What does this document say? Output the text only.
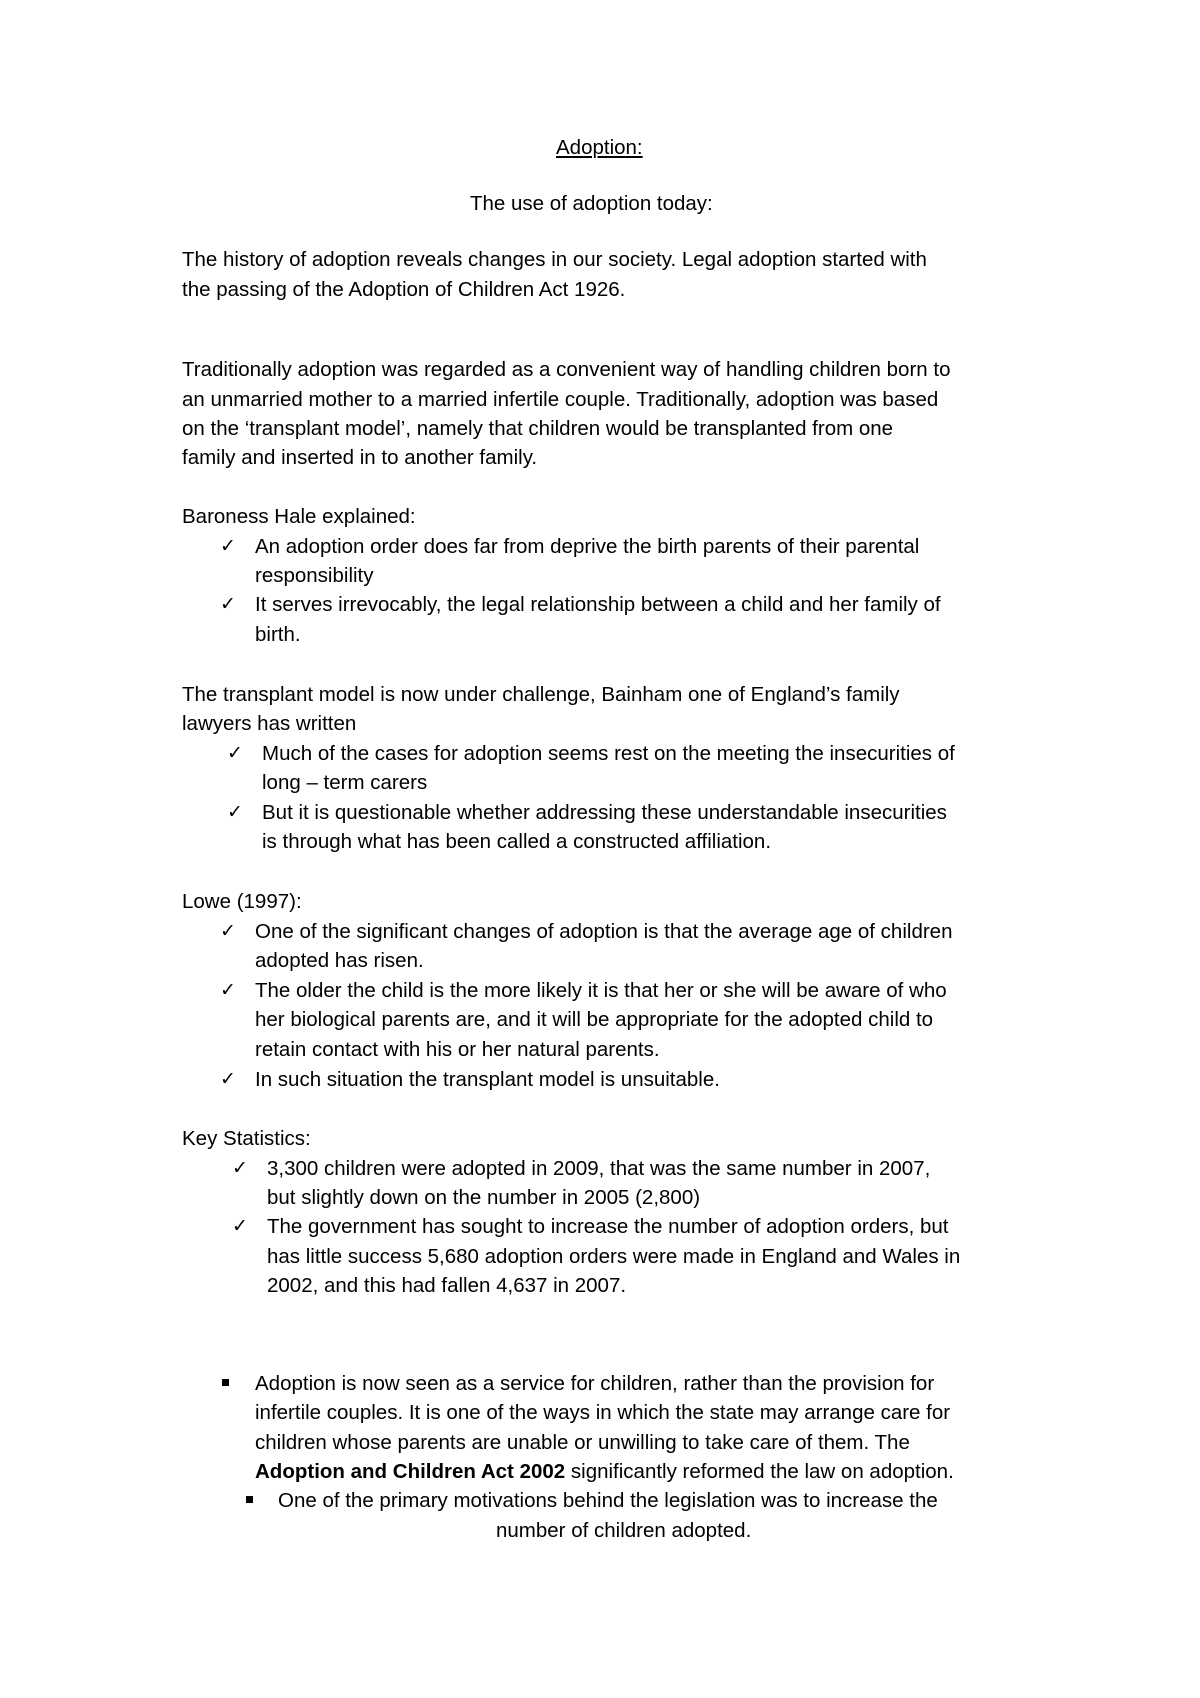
Adoption:
The use of adoption today:
The history of adoption reveals changes in our society. Legal adoption started with
the passing of the Adoption of Children Act 1926.
Traditionally adoption was regarded as a convenient way of handling children born to
an unmarried mother to a married infertile couple. Traditionally, adoption was based
on the ‘transplant model’, namely that children would be transplanted from one
family and inserted in to another family.
Baroness Hale explained:
✓ An adoption order does far from deprive the birth parents of their parental
responsibility
✓ It serves irrevocably, the legal relationship between a child and her family of
birth.
The transplant model is now under challenge, Bainham one of England’s family
lawyers has written
✓ Much of the cases for adoption seems rest on the meeting the insecurities of
long – term carers
✓ But it is questionable whether addressing these understandable insecurities
is through what has been called a constructed affiliation.
Lowe (1997):
✓ One of the significant changes of adoption is that the average age of children
adopted has risen.
✓ The older the child is the more likely it is that her or she will be aware of who
her biological parents are, and it will be appropriate for the adopted child to
retain contact with his or her natural parents.
✓ In such situation the transplant model is unsuitable.
Key Statistics:
✓ 3,300 children were adopted in 2009, that was the same number in 2007,
but slightly down on the number in 2005 (2,800)
✓ The government has sought to increase the number of adoption orders, but
has little success 5,680 adoption orders were made in England and Wales in
2002, and this had fallen 4,637 in 2007.
Adoption is now seen as a service for children, rather than the provision for
infertile couples. It is one of the ways in which the state may arrange care for
children whose parents are unable or unwilling to take care of them. The
Adoption and Children Act 2002 significantly reformed the law on adoption.
One of the primary motivations behind the legislation was to increase the
number of children adopted.
